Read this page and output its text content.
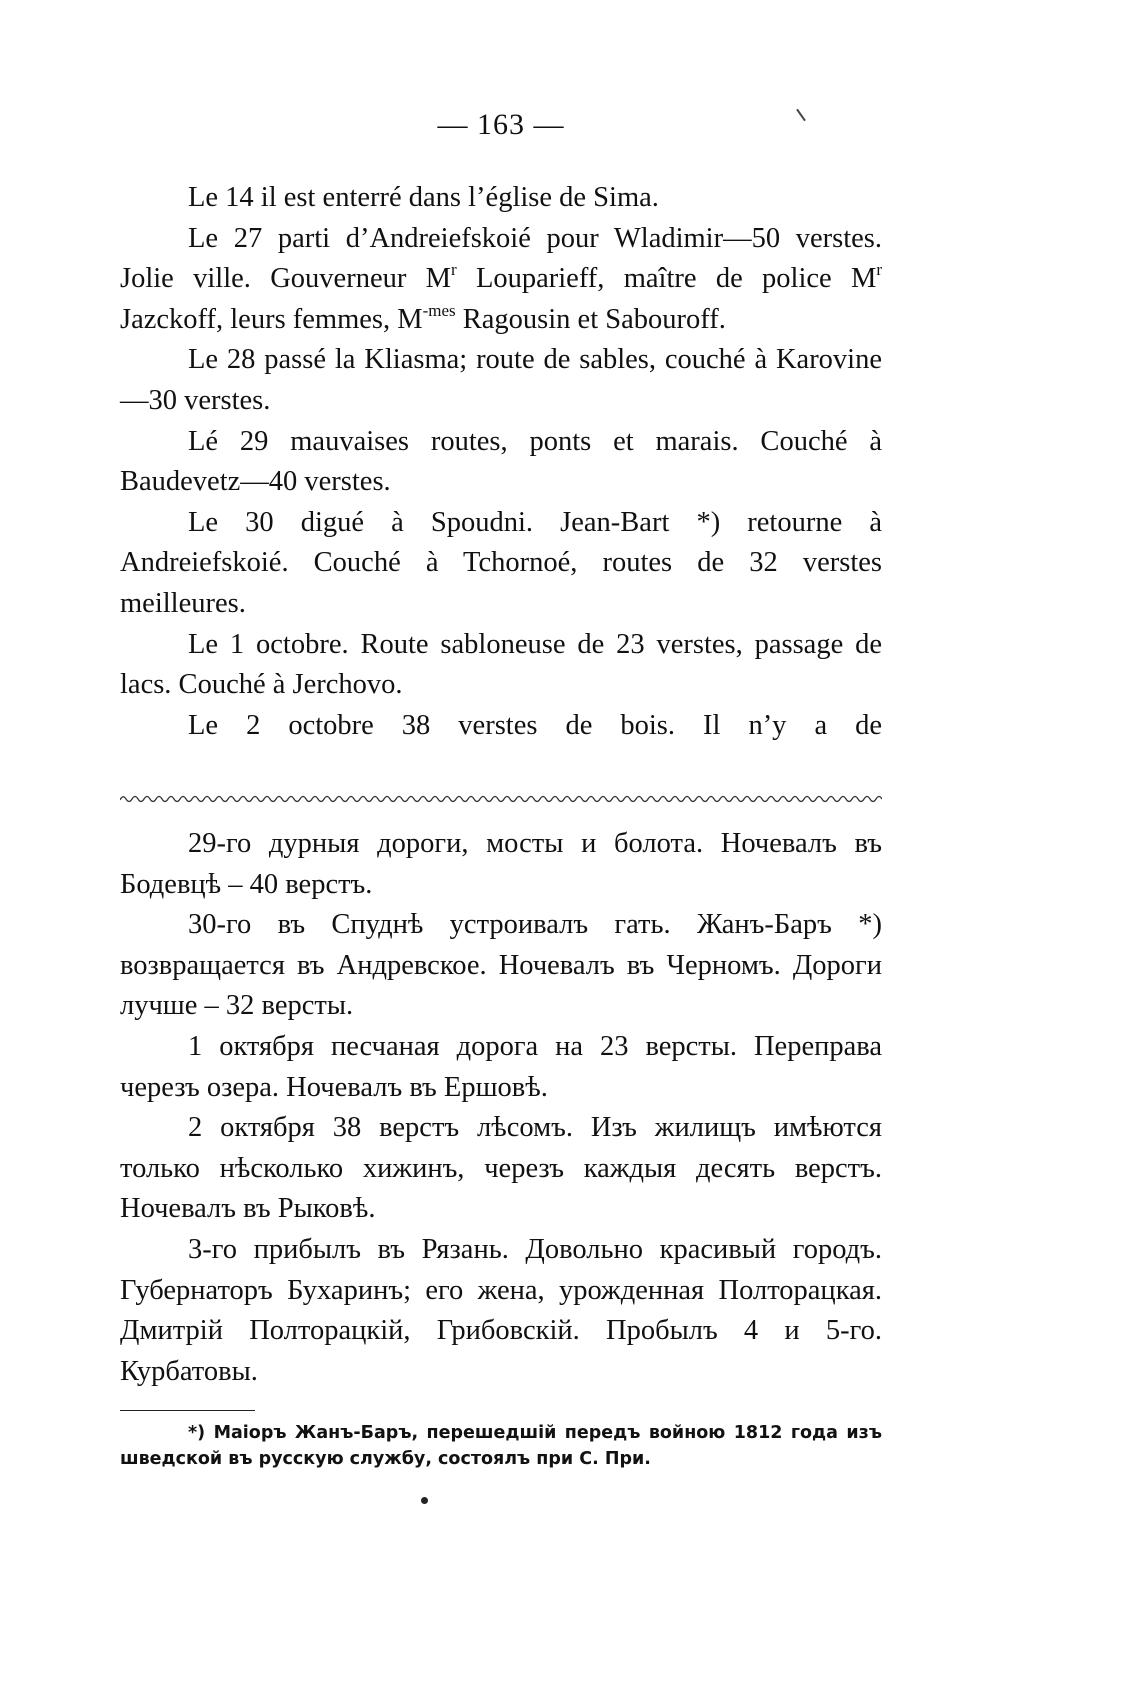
— 163 —

Le 14 il est enterré dans l’église de Sima.

Le 27 parti d’Andreiefskoié pour Wladimir—50 verstes. Jolie ville. Gouverneur $M^r$ Louparieff, maître de police $M^r$ Jazckoff, leurs femmes, $M^{-mes}$ Ragousin et Sabouroff.

Le 28 passé la Kliasma; route de sables, couché à Karovine—30 verstes.

Lé 29 mauvaises routes, ponts et marais. Couché à Baudevetz—40 verstes.

Le 30 digué à Spoudni. Jean-Bart *) retourne à Andreiefskoié. Couché à Tchornoé, routes de 32 verstes meilleures.

Le 1 octobre. Route sabloneuse de 23 verstes, passage de lacs. Couché à Jerchovo.

Le 2 octobre 38 verstes de bois. Il n’y a de

29-го дурныя дороги, мосты и болота. Ночевалъ въ Бодевцѣ – 40 верстъ.

30-го въ Спуднѣ устроивалъ гать. Жанъ-Баръ *) возвращается въ Андревское. Ночевалъ въ Черномъ. Дороги лучше – 32 версты.

1 октября песчаная дорога на 23 версты. Переправа черезъ озера. Ночевалъ въ Ершовѣ.

2 октября 38 верстъ лѣсомъ. Изъ жилищъ имѣются только нѣсколько хижинъ, черезъ каждыя десять верстъ. Ночевалъ въ Рыковѣ.

3-го прибылъ въ Рязань. Довольно красивый городъ. Губернаторъ Бухаринъ; его жена, урожденная Полторацкая. Дмитрій Полторацкій, Грибовскій. Пробылъ 4 и 5-го. Курбатовы.

*) Маіоръ Жанъ-Баръ, перешедшій передъ войною 1812 года изъ шведской въ русскую службу, состоялъ при С. При.
